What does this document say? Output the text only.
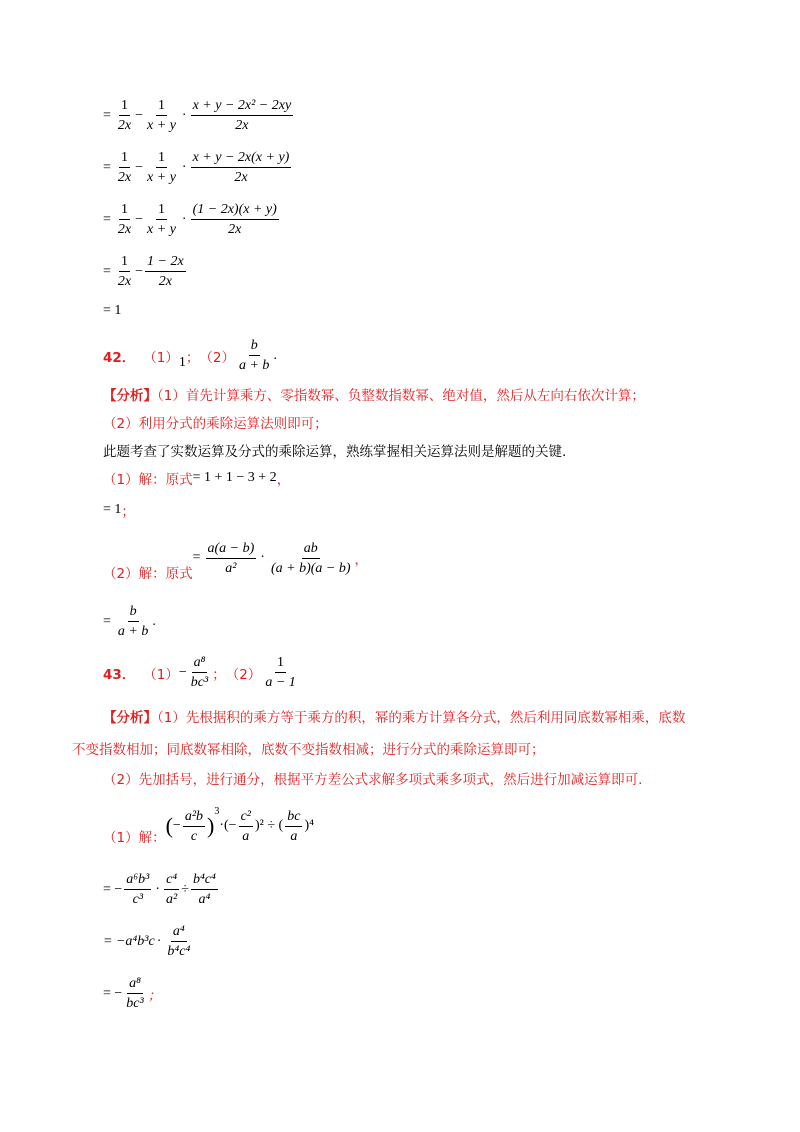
= $\frac{1}{2x} - \frac{1}{x + y} \cdot \frac{\text{x + y − 2x² − 2xy}}{2x}$
= $\frac{1}{2x} - \frac{1}{x + y} \cdot \frac{x + y - 2x(x + y)}{2x}$
= $\frac{1}{2x} - \frac{1}{x + y} \cdot \frac{(1 - 2x)(x + y)}{2x}$
= $\frac{1}{2x} - \frac{1 - 2x}{2x}$
= 1
42． （1） 1 ； $(2) \frac{b}{a + b}$ .
【分析】（1）首先计算乘方、零指数幂、负整数指数幂、绝对值，然后从左向右依次计算；
（2）利用分式的乘除运算法则即可；
此题考查了实数运算及分式的乘除运算，熟练掌握相关运算法则是解题的关键.
（1）解：原式 = 1 + 1 − 3 + 2 ，
= 1 ；
（2）解：原式
= $\frac{a(a - b)}{\text{a²}} \cdot \frac{ab}{(a + b)(a - b)}$ ，
= $\frac{b}{a + b}$ .
43． $(1) - \frac{\text{a⁸}}{\text{bc³}}$ ； $(2) \frac{1}{a - 1}$
【分析】（1）先根据积的乘方等于乘方的积，幂的乘方计算各分式，然后利用同底数幂相乘，底数
不变指数相加；同底数幂相除，底数不变指数相减；进行分式的乘除运算即可；
（2）先加括号，进行通分，根据平方差公式求解多项式乘多项式，然后进行加减运算即可.
（1）解： ( − $\frac{\text{a²b}}{c}$ )
3
·(− $\frac{\text{c²}}{a} )^2$ ÷ ( $\frac{bc}{a} )^4$
= − $\frac{\text{a⁶b³}}{\text{c³}} \cdot \frac{\text{c⁴}}{\text{a²}} \div \frac{\text{b⁴c⁴}}{\text{a⁴}}$
= $-a^4b^3c \cdot \frac{\text{a⁴}}{\text{b⁴c⁴}}$
= − $\frac{\text{a⁸}}{\text{bc³}}$ ；
